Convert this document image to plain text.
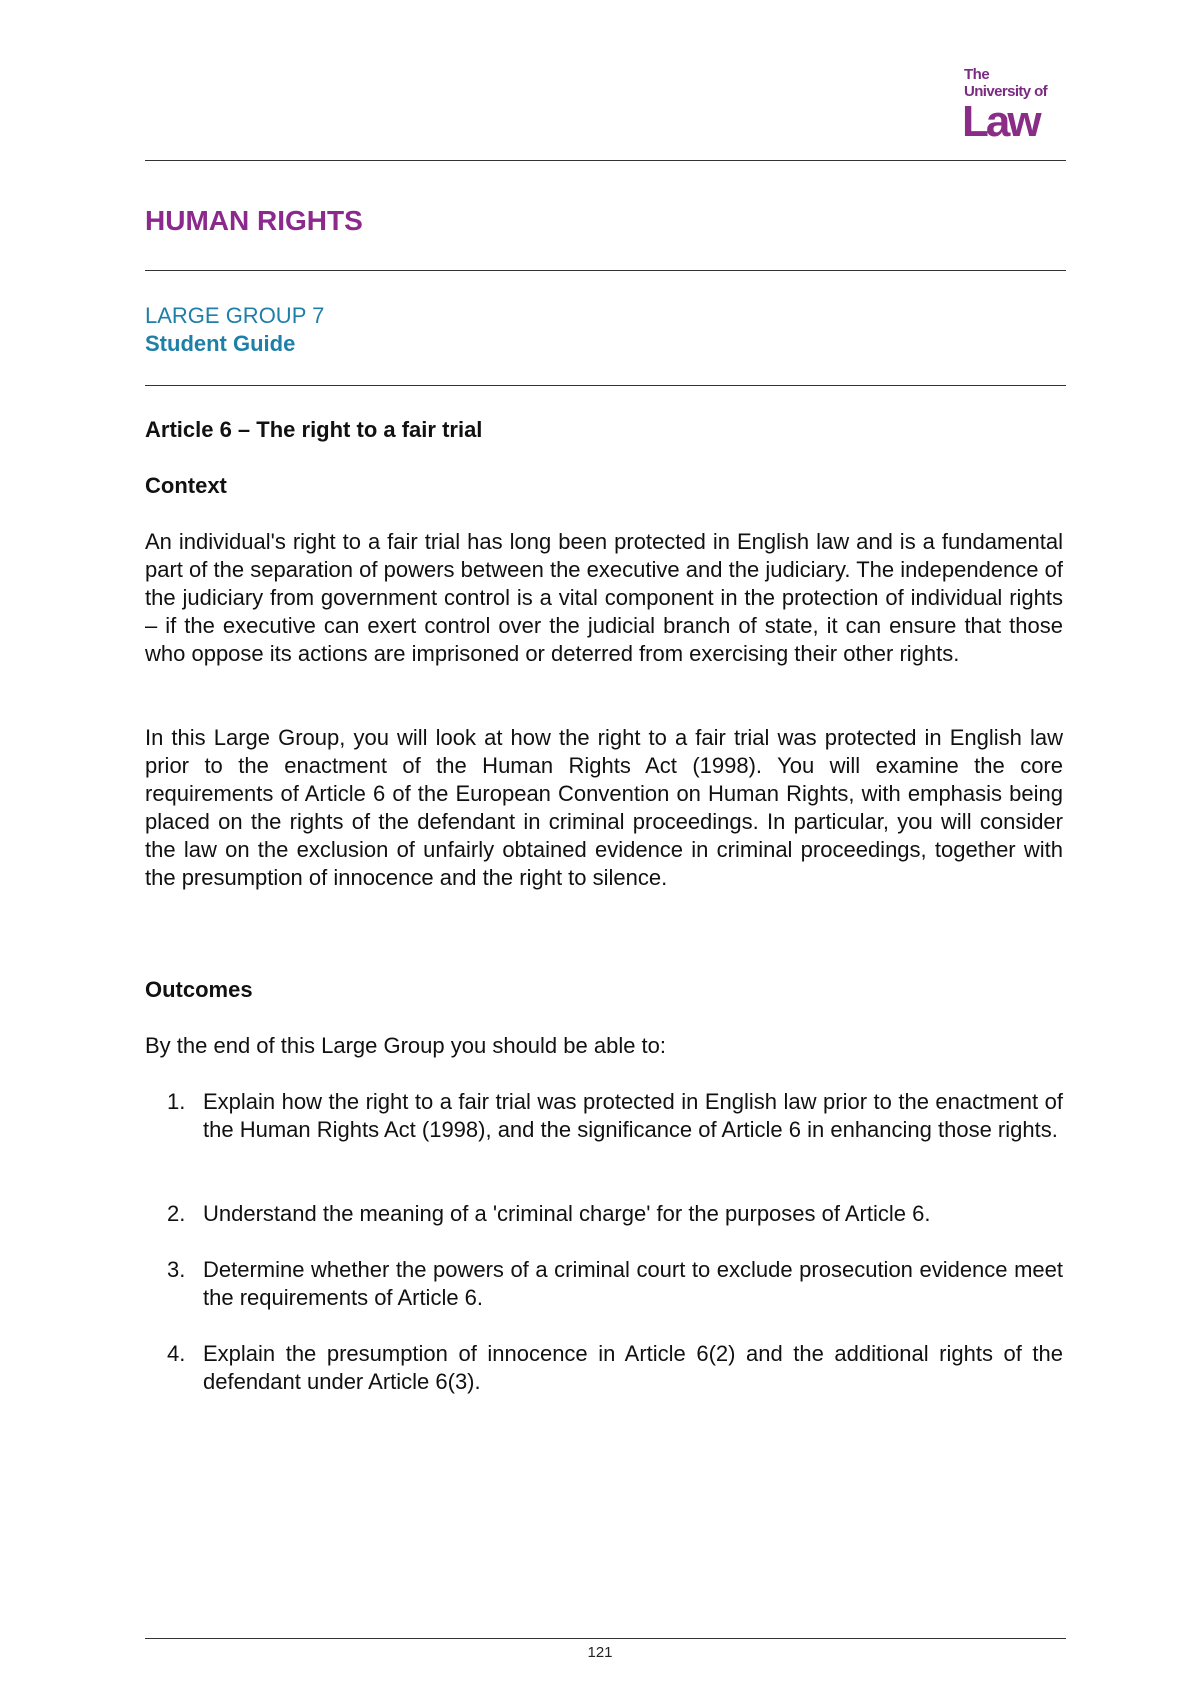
The
University of
Law
HUMAN RIGHTS
LARGE GROUP 7
Student Guide
Article 6 – The right to a fair trial
Context
An individual's right to a fair trial has long been protected in English law and is a fundamental part of the separation of powers between the executive and the judiciary. The independence of the judiciary from government control is a vital component in the protection of individual rights – if the executive can exert control over the judicial branch of state, it can ensure that those who oppose its actions are imprisoned or deterred from exercising their other rights.
In this Large Group, you will look at how the right to a fair trial was protected in English law prior to the enactment of the Human Rights Act (1998). You will examine the core requirements of Article 6 of the European Convention on Human Rights, with emphasis being placed on the rights of the defendant in criminal proceedings. In particular, you will consider the law on the exclusion of unfairly obtained evidence in criminal proceedings, together with the presumption of innocence and the right to silence.
Outcomes
By the end of this Large Group you should be able to:
1. Explain how the right to a fair trial was protected in English law prior to the enactment of the Human Rights Act (1998), and the significance of Article 6 in enhancing those rights.
2. Understand the meaning of a 'criminal charge' for the purposes of Article 6.
3. Determine whether the powers of a criminal court to exclude prosecution evidence meet the requirements of Article 6.
4. Explain the presumption of innocence in Article 6(2) and the additional rights of the defendant under Article 6(3).
121
